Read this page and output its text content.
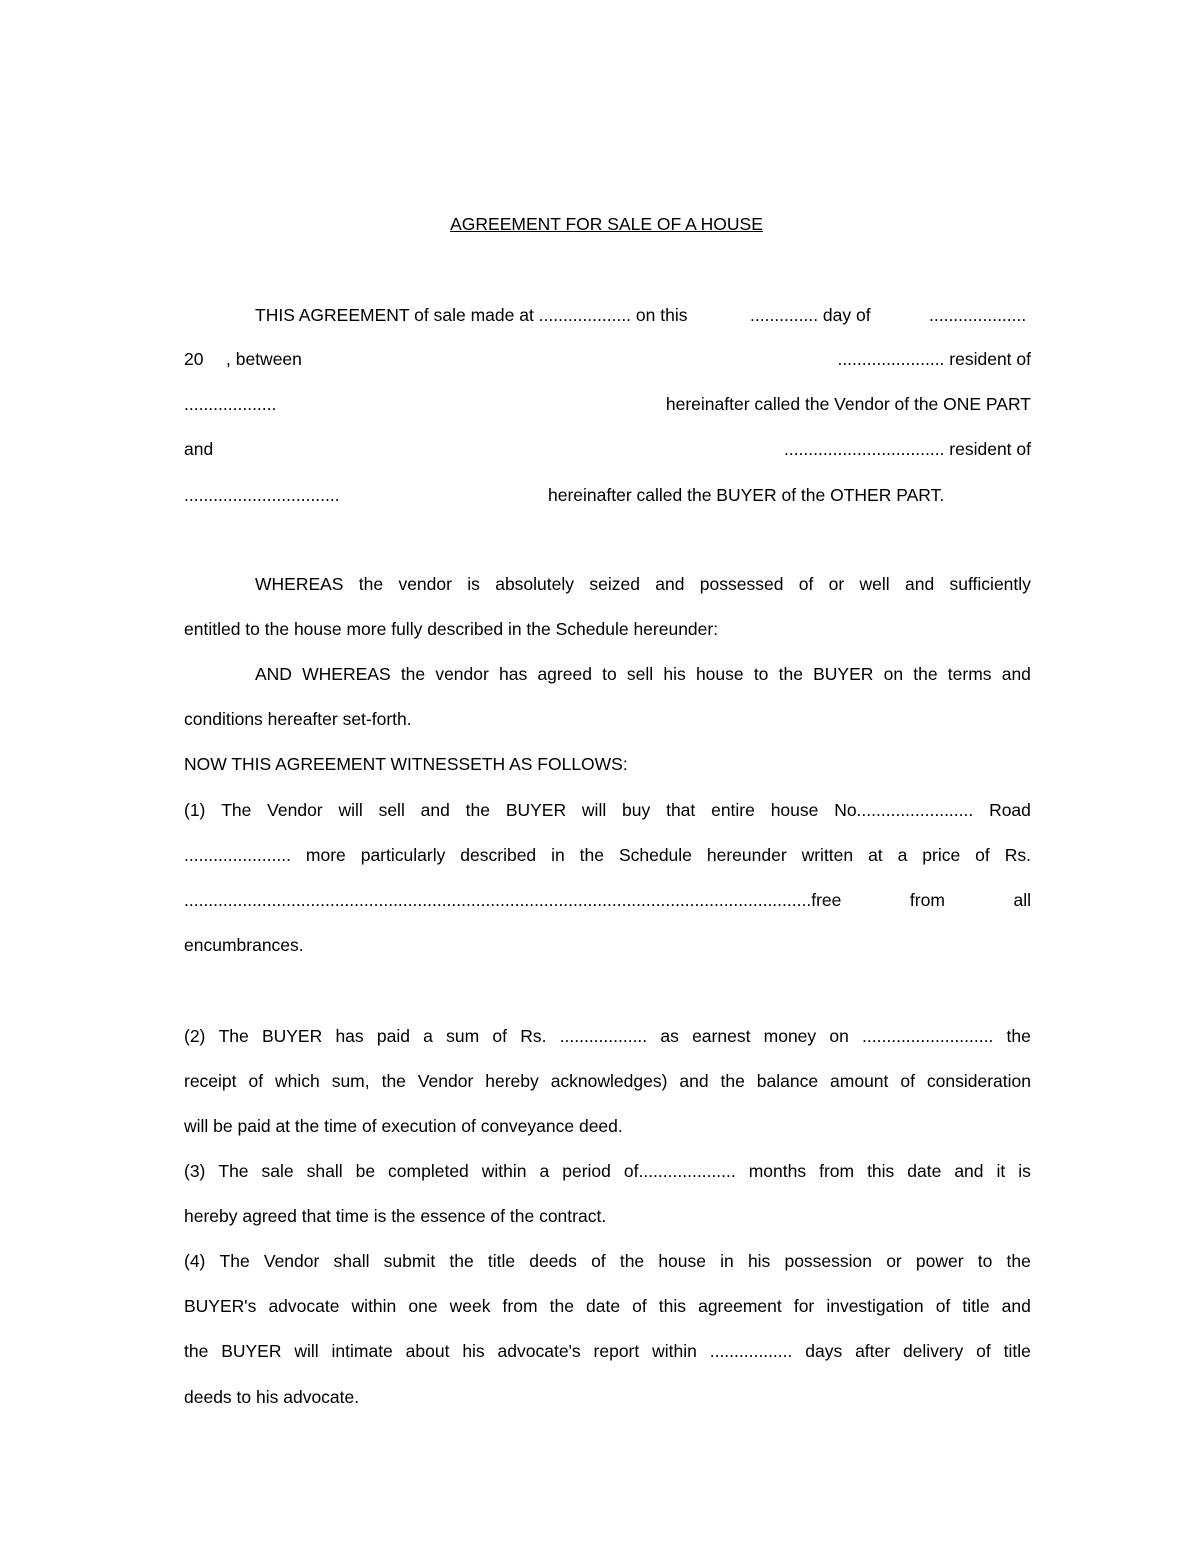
AGREEMENT FOR SALE OF A HOUSE
THIS AGREEMENT of sale made at ................... on this	.............. day of	....................
20 , between	...................... resident of
...................	hereinafter called the Vendor of the ONE PART
and	................................. resident of
................................	hereinafter called the BUYER of the OTHER PART.
WHEREAS the vendor is absolutely seized and possessed of or well and sufficiently
entitled to the house more fully described in the Schedule hereunder:
AND WHEREAS the vendor has agreed to sell his house to the BUYER on the terms and
conditions hereafter set-forth.
NOW THIS AGREEMENT WITNESSETH AS FOLLOWS:
(1) The Vendor will sell and the BUYER will buy that entire house No........................ Road
...................... more particularly described in the Schedule hereunder written at a price of Rs.
.................................................................................................................................free	from	all
encumbrances.
(2) The BUYER has paid a sum of Rs. .................. as earnest money on ........................... the
receipt of which sum, the Vendor hereby acknowledges) and the balance amount of consideration
will be paid at the time of execution of conveyance deed.
(3) The sale shall be completed within a period of.................... months from this date and it is
hereby agreed that time is the essence of the contract.
(4) The Vendor shall submit the title deeds of the house in his possession or power to the
BUYER's advocate within one week from the date of this agreement for investigation of title and
the BUYER will intimate about his advocate's report within ................. days after delivery of title
deeds to his advocate.
